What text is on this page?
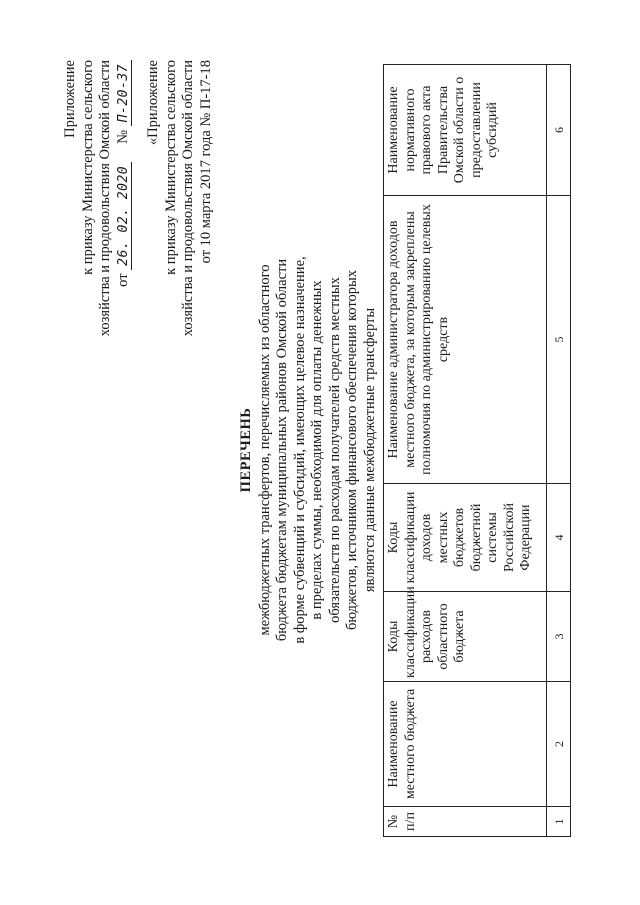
Приложение к приказу Министерства сельского хозяйства и продовольствия Омской области от 26. 02. 2020     № П-20-37 «Приложение к приказу Министерства сельского хозяйства и продовольствия Омской области от 10 марта 2017 года № П-17-18
ПЕРЕЧЕНЬ межбюджетных трансфертов, перечисляемых из областного бюджета бюджетам муниципальных районов Омской области в форме субвенций и субсидий, имеющих целевое назначение, в пределах суммы, необходимой для оплаты денежных обязательств по расходам получателей средств местных бюджетов, источником финансового обеспечения которых являются данные межбюджетные трансферты
№ п/п	Наименование местного бюджета	Коды классификации расходов областного бюджета	Коды классификации доходов местных бюджетов бюджетной системы Российской Федерации	Наименование администратора доходов местного бюджета, за которым закреплены полномочия по администрированию целевых средств	Наименование нормативного правового акта Правительства Омской области о предоставлении субсидий
1	2	3	4	5	6
